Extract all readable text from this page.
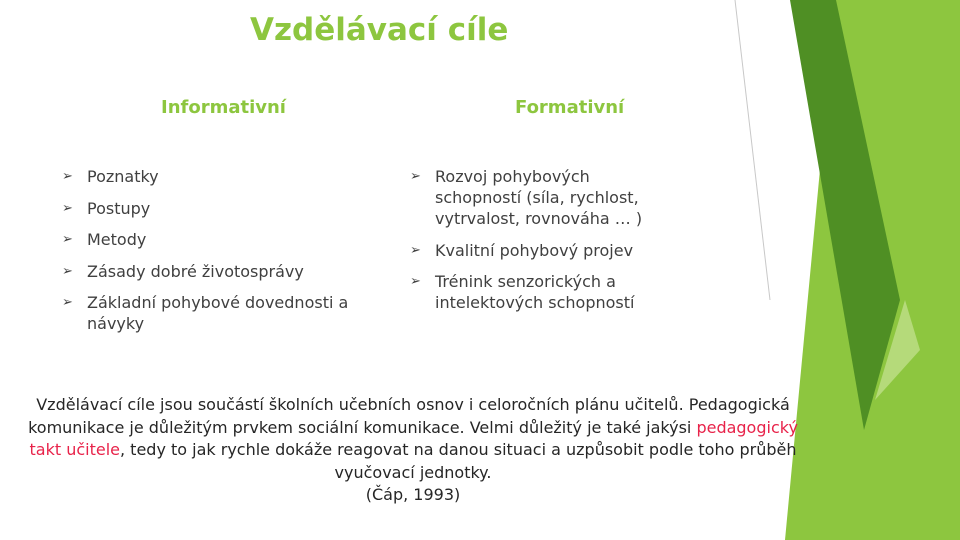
Vzdělávací cíle
Informativní	Formativní
➢ Poznatky
➢ Postupy
➢ Metody
➢ Zásady dobré životosprávy
➢ Základní pohybové dovednosti a návyky
➢ Rozvoj pohybových schopností (síla, rychlost, vytrvalost, rovnováha … )
➢ Kvalitní pohybový projev
➢ Trénink senzorických a intelektových schopností
Vzdělávací cíle jsou součástí školních učebních osnov i celoročních plánu učitelů. Pedagogická komunikace je důležitým prvkem sociální komunikace. Velmi důležitý je také jakýsi pedagogický takt učitele, tedy to jak rychle dokáže reagovat na danou situaci a uzpůsobit podle toho průběh vyučovací jednotky.
(Čáp, 1993)
